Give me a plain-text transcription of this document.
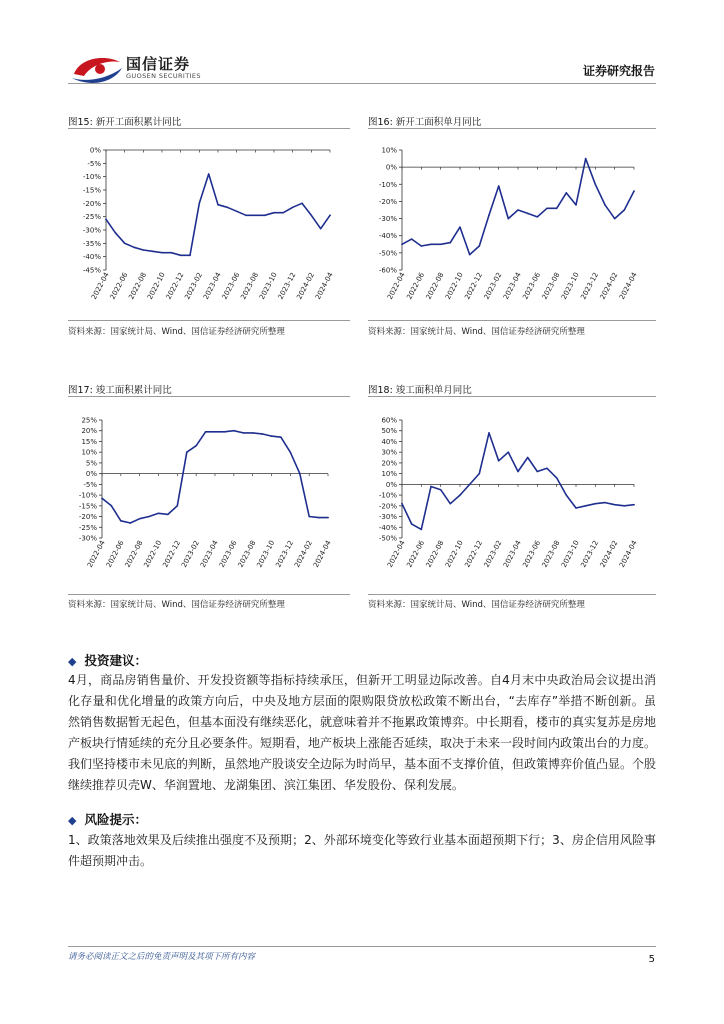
国信证券
GUOSEN SECURITIES	证券研究报告
图15: 新开工面积累计同比
0%
-5%
-10%
-15%
-20%
-25%
-30%
-35%
-40%
-45%
2022-04
2022-06
2022-08
2022-10
2022-12
2023-02
2023-04
2023-06
2023-08
2023-10
2023-12
2024-02
2024-04
资料来源：国家统计局、Wind、国信证券经济研究所整理
图16: 新开工面积单月同比
10%
0%
-10%
-20%
-30%
-40%
-50%
-60%
2022-04
2022-06
2022-08
2022-10
2022-12
2023-02
2023-04
2023-06
2023-08
2023-10
2023-12
2024-02
2024-04
资料来源：国家统计局、Wind、国信证券经济研究所整理
图17: 竣工面积累计同比
25%
20%
15%
10%
5%
0%
-5%
-10%
-15%
-20%
-25%
-30%
2022-04
2022-06
2022-08
2022-10
2022-12
2023-02
2023-04
2023-06
2023-08
2023-10
2023-12
2024-02
2024-04
资料来源：国家统计局、Wind、国信证券经济研究所整理
图18: 竣工面积单月同比
60%
50%
40%
30%
20%
10%
0%
-10%
-20%
-30%
-40%
-50%
2022-04
2022-06
2022-08
2022-10
2022-12
2023-02
2023-04
2023-06
2023-08
2023-10
2023-12
2024-02
2024-04
资料来源：国家统计局、Wind、国信证券经济研究所整理
◆ 投资建议：
4月，商品房销售量价、开发投资额等指标持续承压，但新开工明显边际改善。自4月末中央政治局会议提出消化存量和优化增量的政策方向后，中央及地方层面的限购限贷放松政策不断出台，“去库存”举措不断创新。虽然销售数据暂无起色，但基本面没有继续恶化，就意味着并不拖累政策博弈。中长期看，楼市的真实复苏是房地产板块行情延续的充分且必要条件。短期看，地产板块上涨能否延续，取决于未来一段时间内政策出台的力度。我们坚持楼市未见底的判断，虽然地产股谈安全边际为时尚早，基本面不支撑价值，但政策博弈价值凸显。个股继续推荐贝壳W、华润置地、龙湖集团、滨江集团、华发股份、保利发展。
◆ 风险提示：
1、政策落地效果及后续推出强度不及预期；2、外部环境变化等致行业基本面超预期下行；3、房企信用风险事件超预期冲击。
请务必阅读正文之后的免责声明及其项下所有内容	5
